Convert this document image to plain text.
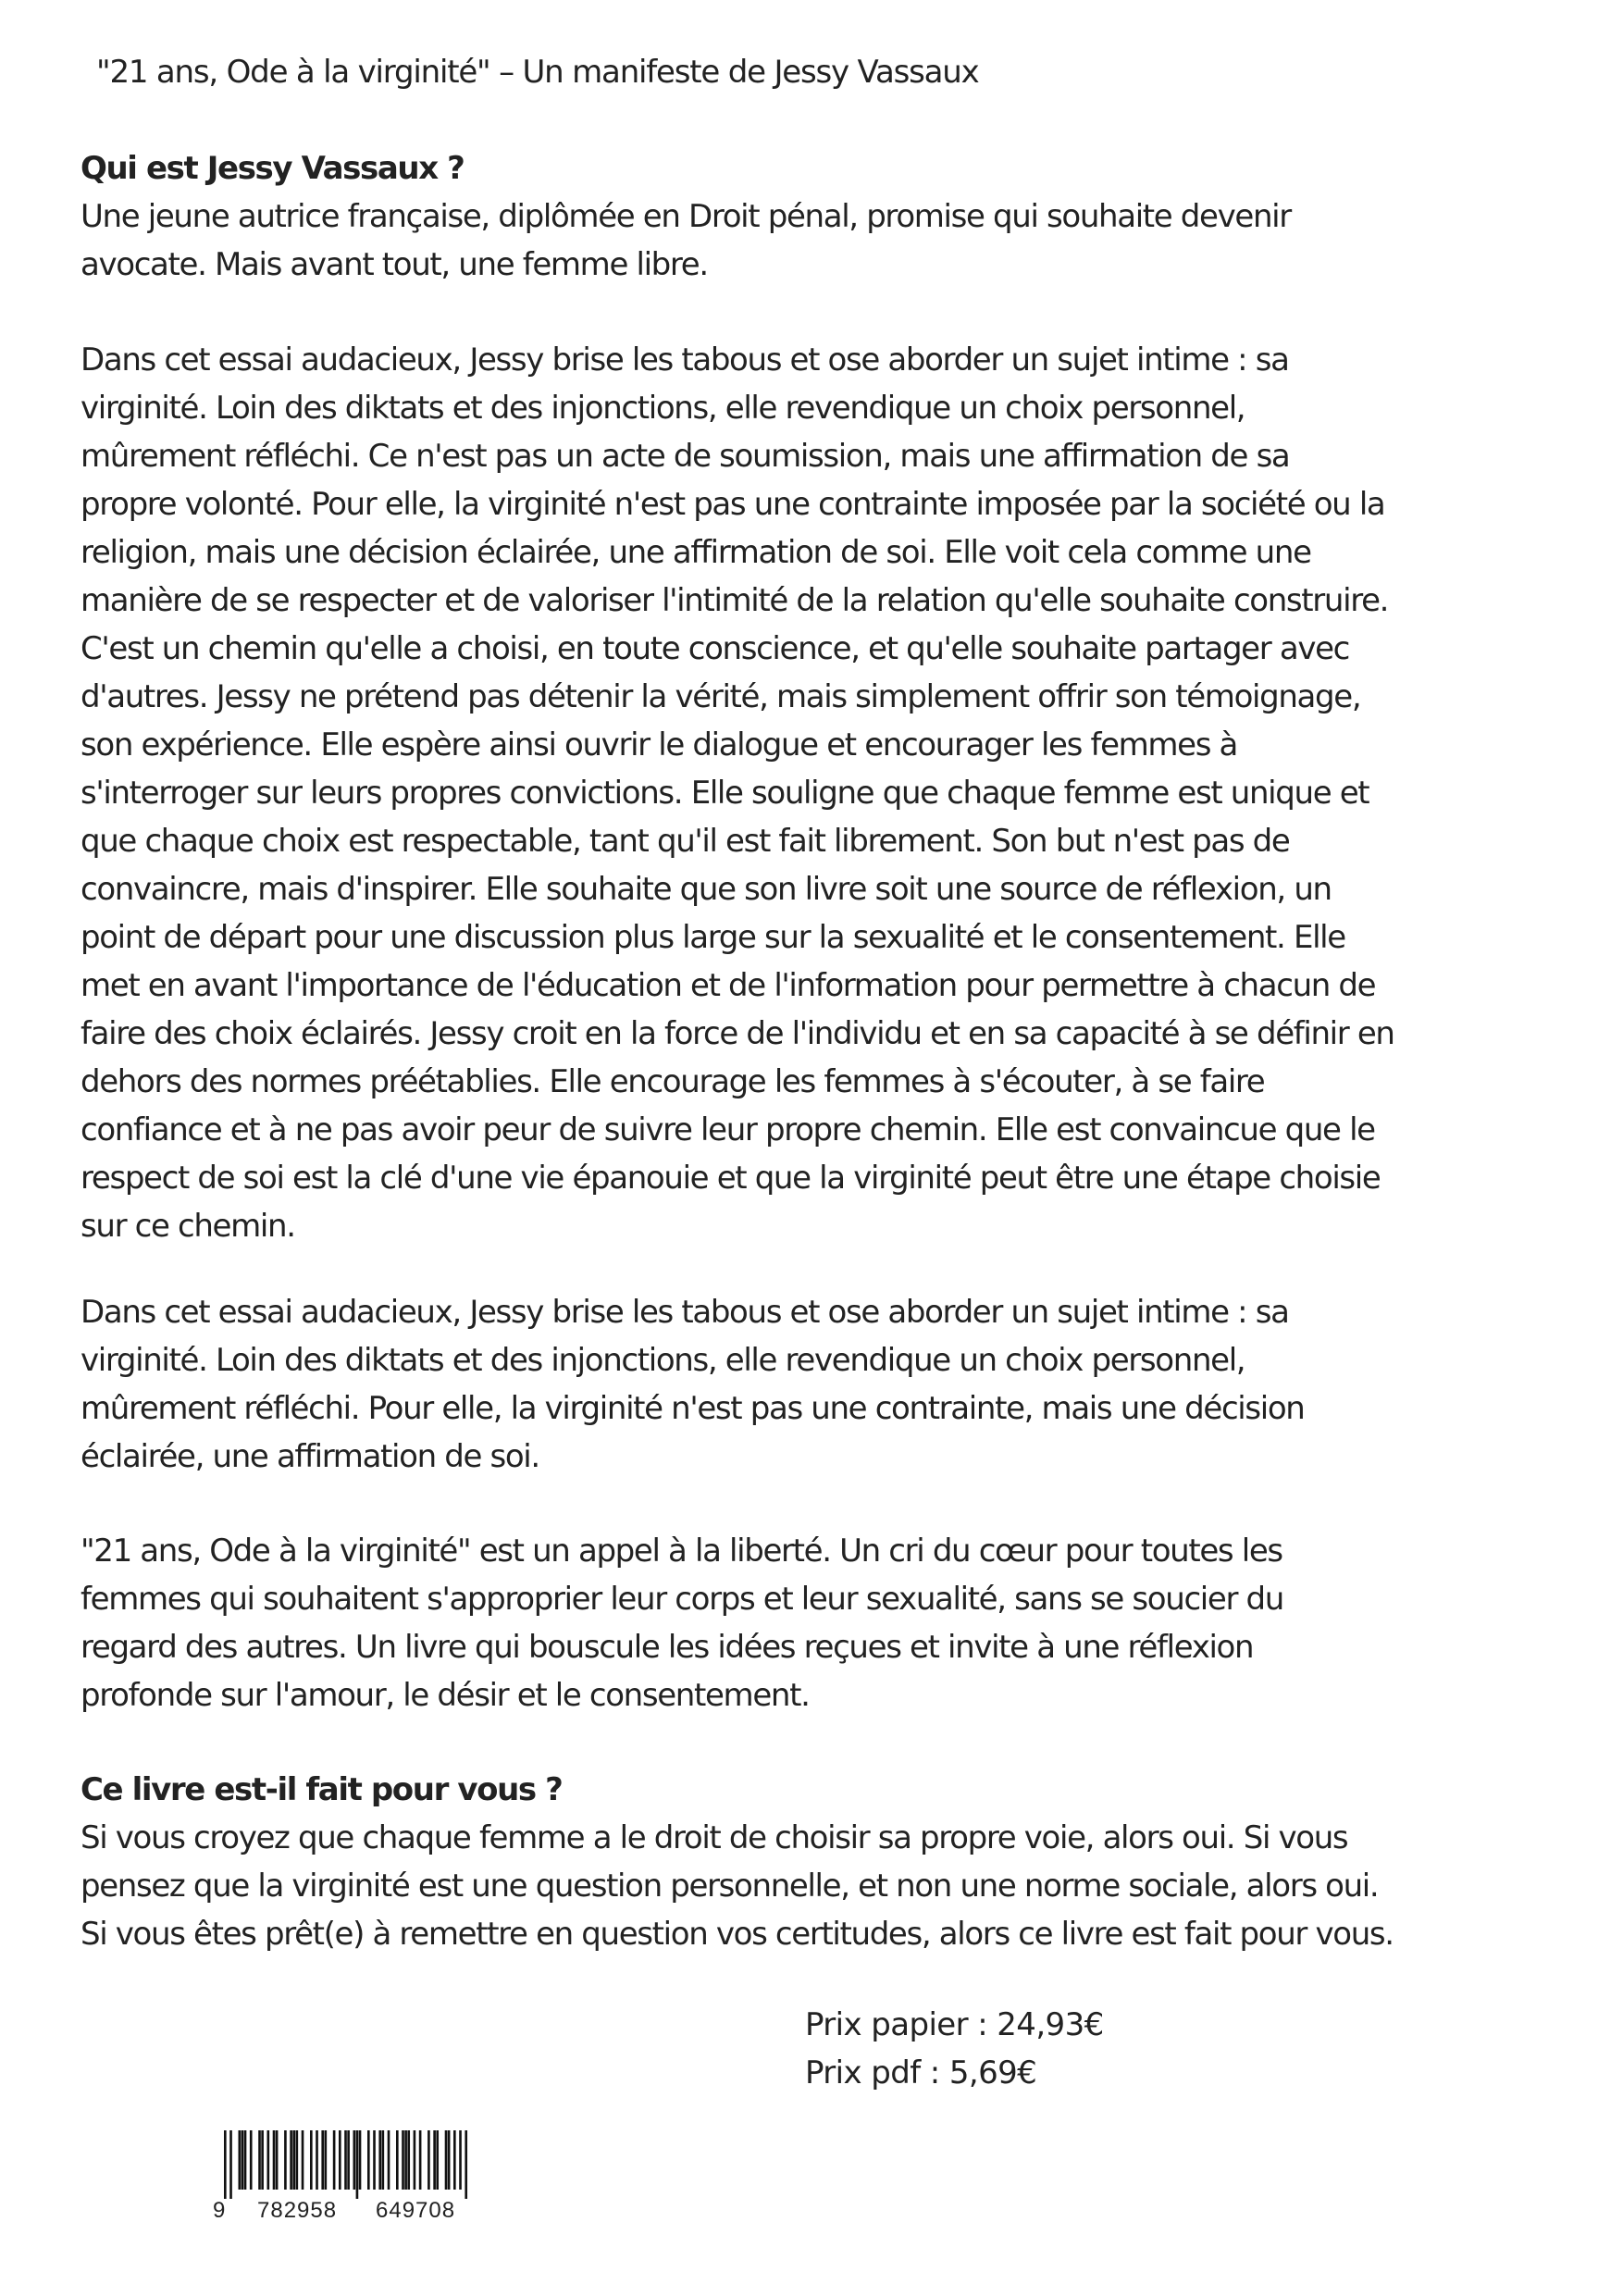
"21 ans, Ode à la virginité" – Un manifeste de Jessy Vassaux
Qui est Jessy Vassaux ?
Une jeune autrice française, diplômée en Droit pénal, promise qui souhaite devenir
avocate. Mais avant tout, une femme libre.
Dans cet essai audacieux, Jessy brise les tabous et ose aborder un sujet intime : sa
virginité. Loin des diktats et des injonctions, elle revendique un choix personnel,
mûrement réfléchi. Ce n'est pas un acte de soumission, mais une affirmation de sa
propre volonté. Pour elle, la virginité n'est pas une contrainte imposée par la société ou la
religion, mais une décision éclairée, une affirmation de soi. Elle voit cela comme une
manière de se respecter et de valoriser l'intimité de la relation qu'elle souhaite construire.
C'est un chemin qu'elle a choisi, en toute conscience, et qu'elle souhaite partager avec
d'autres. Jessy ne prétend pas détenir la vérité, mais simplement offrir son témoignage,
son expérience. Elle espère ainsi ouvrir le dialogue et encourager les femmes à
s'interroger sur leurs propres convictions. Elle souligne que chaque femme est unique et
que chaque choix est respectable, tant qu'il est fait librement. Son but n'est pas de
convaincre, mais d'inspirer. Elle souhaite que son livre soit une source de réflexion, un
point de départ pour une discussion plus large sur la sexualité et le consentement. Elle
met en avant l'importance de l'éducation et de l'information pour permettre à chacun de
faire des choix éclairés. Jessy croit en la force de l'individu et en sa capacité à se définir en
dehors des normes préétablies. Elle encourage les femmes à s'écouter, à se faire
confiance et à ne pas avoir peur de suivre leur propre chemin. Elle est convaincue que le
respect de soi est la clé d'une vie épanouie et que la virginité peut être une étape choisie
sur ce chemin.
Dans cet essai audacieux, Jessy brise les tabous et ose aborder un sujet intime : sa
virginité. Loin des diktats et des injonctions, elle revendique un choix personnel,
mûrement réfléchi. Pour elle, la virginité n'est pas une contrainte, mais une décision
éclairée, une affirmation de soi.
"21 ans, Ode à la virginité" est un appel à la liberté. Un cri du cœur pour toutes les
femmes qui souhaitent s'approprier leur corps et leur sexualité, sans se soucier du
regard des autres. Un livre qui bouscule les idées reçues et invite à une réflexion
profonde sur l'amour, le désir et le consentement.
Ce livre est-il fait pour vous ?
Si vous croyez que chaque femme a le droit de choisir sa propre voie, alors oui. Si vous
pensez que la virginité est une question personnelle, et non une norme sociale, alors oui.
Si vous êtes prêt(e) à remettre en question vos certitudes, alors ce livre est fait pour vous.
Prix papier : 24,93€
Prix pdf : 5,69€
9 782958 649708
